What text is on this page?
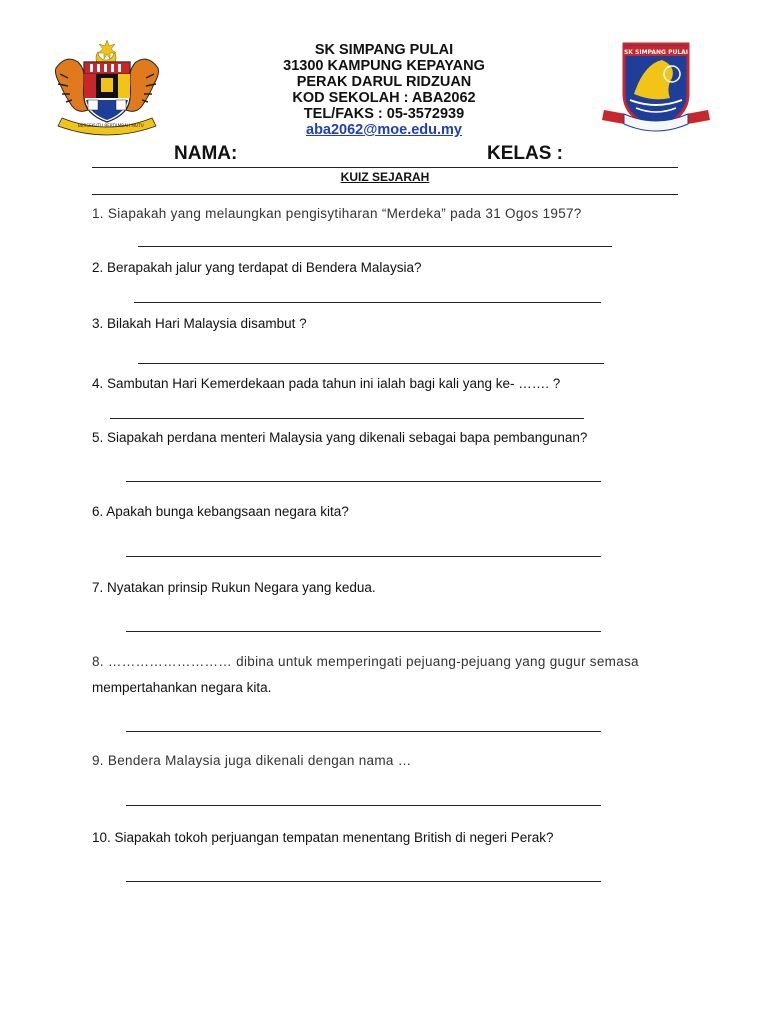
BERSEKUTU BERTAMBAH MUTU
SK SIMPANG PULAI
SK SIMPANG PULAI
31300 KAMPUNG KEPAYANG
PERAK DARUL RIDZUAN
KOD SEKOLAH : ABA2062
TEL/FAKS : 05-3572939
aba2062@moe.edu.my
NAMA:	KELAS :
KUIZ SEJARAH
1. Siapakah yang melaungkan pengisytiharan “Merdeka” pada 31 Ogos 1957?
2. Berapakah jalur yang terdapat di Bendera Malaysia?
3. Bilakah Hari Malaysia disambut ?
4. Sambutan Hari Kemerdekaan pada tahun ini ialah bagi kali yang ke- ……. ?
5. Siapakah perdana menteri Malaysia yang dikenali sebagai bapa pembangunan?
6. Apakah bunga kebangsaan negara kita?
7. Nyatakan prinsip Rukun Negara yang kedua.
8. ……………………… dibina untuk memperingati pejuang-pejuang yang gugur semasa
mempertahankan negara kita.
9. Bendera Malaysia juga dikenali dengan nama …
10. Siapakah tokoh perjuangan tempatan menentang British di negeri Perak?
